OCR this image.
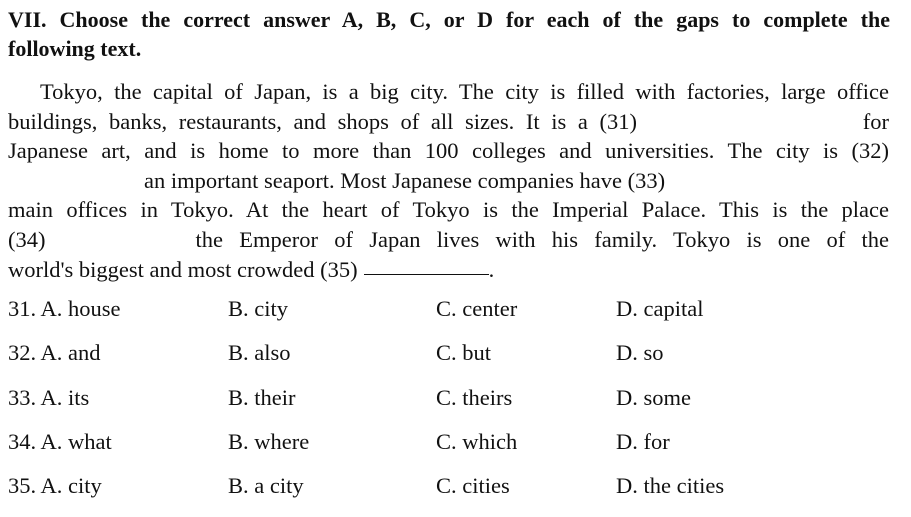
VII. Choose the correct answer A, B, C, or D for each of the gaps to complete the
following text.
Tokyo, the capital of Japan, is a big city. The city is filled with factories, large office
buildings, banks, restaurants, and shops of all sizes. It is a (31)	for
Japanese art, and is home to more than 100 colleges and universities. The city is (32)
an important seaport. Most Japanese companies have (33)
main offices in Tokyo. At the heart of Tokyo is the Imperial Palace. This is the place
(34)	the Emperor of Japan lives with his family. Tokyo is one of the
world's biggest and most crowded (35)	.
31. A. house	B. city	C. center	D. capital
32. A. and	B. also	C. but	D. so
33. A. its	B. their	C. theirs	D. some
34. A. what	B. where	C. which	D. for
35. A. city	B. a city	C. cities	D. the cities
